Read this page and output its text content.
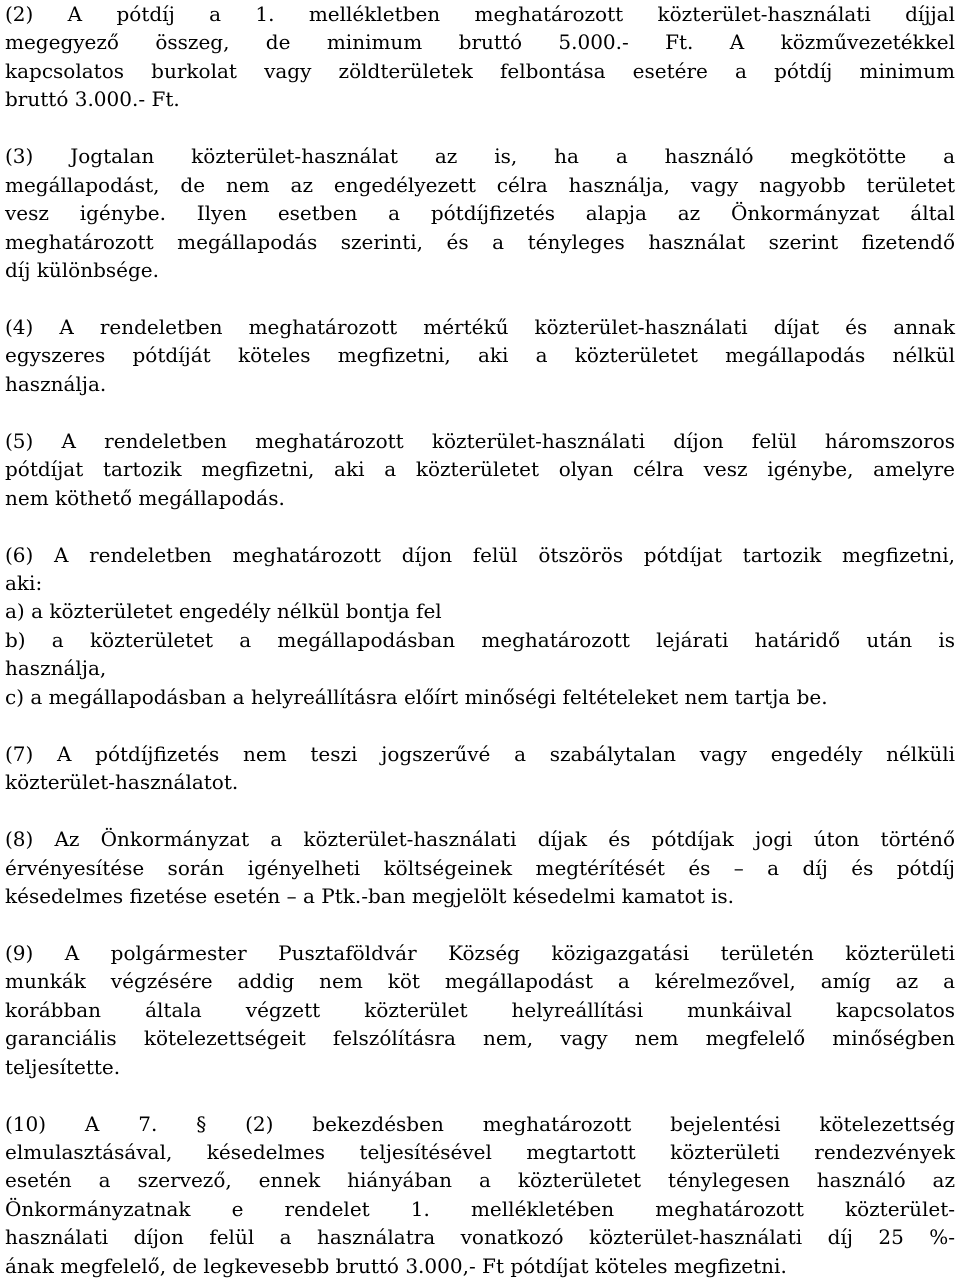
(2) A pótdíj a 1. mellékletben meghatározott közterület-használati díjjal
megegyező összeg, de minimum bruttó 5.000.- Ft. A közművezetékkel
kapcsolatos burkolat vagy zöldterületek felbontása esetére a pótdíj minimum
bruttó 3.000.- Ft.
(3) Jogtalan közterület-használat az is, ha a használó megkötötte a
megállapodást, de nem az engedélyezett célra használja, vagy nagyobb területet
vesz igénybe. Ilyen esetben a pótdíjfizetés alapja az Önkormányzat által
meghatározott megállapodás szerinti, és a tényleges használat szerint fizetendő
díj különbsége.
(4) A rendeletben meghatározott mértékű közterület-használati díjat és annak
egyszeres pótdíját köteles megfizetni, aki a közterületet megállapodás nélkül
használja.
(5) A rendeletben meghatározott közterület-használati díjon felül háromszoros
pótdíjat tartozik megfizetni, aki a közterületet olyan célra vesz igénybe, amelyre
nem köthető megállapodás.
(6) A rendeletben meghatározott díjon felül ötszörös pótdíjat tartozik megfizetni,
aki:
a) a közterületet engedély nélkül bontja fel
b) a közterületet a megállapodásban meghatározott lejárati határidő után is
használja,
c) a megállapodásban a helyreállításra előírt minőségi feltételeket nem tartja be.
(7) A pótdíjfizetés nem teszi jogszerűvé a szabálytalan vagy engedély nélküli
közterület-használatot.
(8) Az Önkormányzat a közterület-használati díjak és pótdíjak jogi úton történő
érvényesítése során igényelheti költségeinek megtérítését és – a díj és pótdíj
késedelmes fizetése esetén – a Ptk.-ban megjelölt késedelmi kamatot is.
(9) A polgármester Pusztaföldvár Község közigazgatási területén közterületi
munkák végzésére addig nem köt megállapodást a kérelmezővel, amíg az a
korábban általa végzett közterület helyreállítási munkáival kapcsolatos
garanciális kötelezettségeit felszólításra nem, vagy nem megfelelő minőségben
teljesítette.
(10) A 7. § (2) bekezdésben meghatározott bejelentési kötelezettség
elmulasztásával, késedelmes teljesítésével megtartott közterületi rendezvények
esetén a szervező, ennek hiányában a közterületet ténylegesen használó az
Önkormányzatnak e rendelet 1. mellékletében meghatározott közterület-
használati díjon felül a használatra vonatkozó közterület-használati díj 25 %-
ának megfelelő, de legkevesebb bruttó 3.000,- Ft pótdíjat köteles megfizetni.
